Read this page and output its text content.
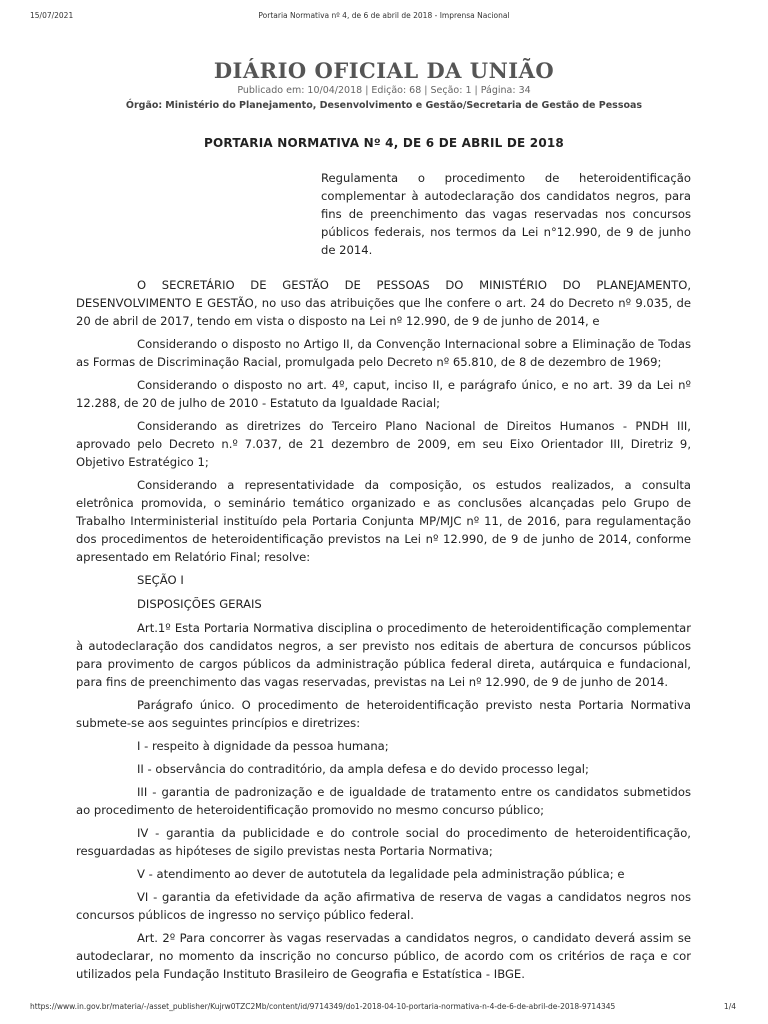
15/07/2021	Portaria Normativa nº 4, de 6 de abril de 2018 - Imprensa Nacional
DIÁRIO OFICIAL DA UNIÃO
Publicado em: 10/04/2018 | Edição: 68 | Seção: 1 | Página: 34
Órgão: Ministério do Planejamento, Desenvolvimento e Gestão/Secretaria de Gestão de Pessoas
PORTARIA NORMATIVA Nº 4, DE 6 DE ABRIL DE 2018
Regulamenta o procedimento de heteroidentificação complementar à autodeclaração dos candidatos negros, para fins de preenchimento das vagas reservadas nos concursos públicos federais, nos termos da Lei n°12.990, de 9 de junho de 2014.

O SECRETÁRIO DE GESTÃO DE PESSOAS DO MINISTÉRIO DO PLANEJAMENTO, DESENVOLVIMENTO E GESTÃO, no uso das atribuições que lhe confere o art. 24 do Decreto nº 9.035, de 20 de abril de 2017, tendo em vista o disposto na Lei nº 12.990, de 9 de junho de 2014, e

Considerando o disposto no Artigo II, da Convenção Internacional sobre a Eliminação de Todas as Formas de Discriminação Racial, promulgada pelo Decreto nº 65.810, de 8 de dezembro de 1969;

Considerando o disposto no art. 4º, caput, inciso II, e parágrafo único, e no art. 39 da Lei nº 12.288, de 20 de julho de 2010 - Estatuto da Igualdade Racial;

Considerando as diretrizes do Terceiro Plano Nacional de Direitos Humanos - PNDH III, aprovado pelo Decreto n.º 7.037, de 21 dezembro de 2009, em seu Eixo Orientador III, Diretriz 9, Objetivo Estratégico 1;

Considerando a representatividade da composição, os estudos realizados, a consulta eletrônica promovida, o seminário temático organizado e as conclusões alcançadas pelo Grupo de Trabalho Interministerial instituído pela Portaria Conjunta MP/MJC nº 11, de 2016, para regulamentação dos procedimentos de heteroidentificação previstos na Lei nº 12.990, de 9 de junho de 2014, conforme apresentado em Relatório Final; resolve:

SEÇÃO I

DISPOSIÇÕES GERAIS

Art.1º Esta Portaria Normativa disciplina o procedimento de heteroidentificação complementar à autodeclaração dos candidatos negros, a ser previsto nos editais de abertura de concursos públicos para provimento de cargos públicos da administração pública federal direta, autárquica e fundacional, para fins de preenchimento das vagas reservadas, previstas na Lei nº 12.990, de 9 de junho de 2014.

Parágrafo único. O procedimento de heteroidentificação previsto nesta Portaria Normativa submete-se aos seguintes princípios e diretrizes:

I - respeito à dignidade da pessoa humana;

II - observância do contraditório, da ampla defesa e do devido processo legal;

III - garantia de padronização e de igualdade de tratamento entre os candidatos submetidos ao procedimento de heteroidentificação promovido no mesmo concurso público;

IV - garantia da publicidade e do controle social do procedimento de heteroidentificação, resguardadas as hipóteses de sigilo previstas nesta Portaria Normativa;

V - atendimento ao dever de autotutela da legalidade pela administração pública; e

VI - garantia da efetividade da ação afirmativa de reserva de vagas a candidatos negros nos concursos públicos de ingresso no serviço público federal.

Art. 2º Para concorrer às vagas reservadas a candidatos negros, o candidato deverá assim se autodeclarar, no momento da inscrição no concurso público, de acordo com os critérios de raça e cor utilizados pela Fundação Instituto Brasileiro de Geografia e Estatística - IBGE.

https://www.in.gov.br/materia/-/asset_publisher/Kujrw0TZC2Mb/content/id/9714349/do1-2018-04-10-portaria-normativa-n-4-de-6-de-abril-de-2018-9714345	1/4
